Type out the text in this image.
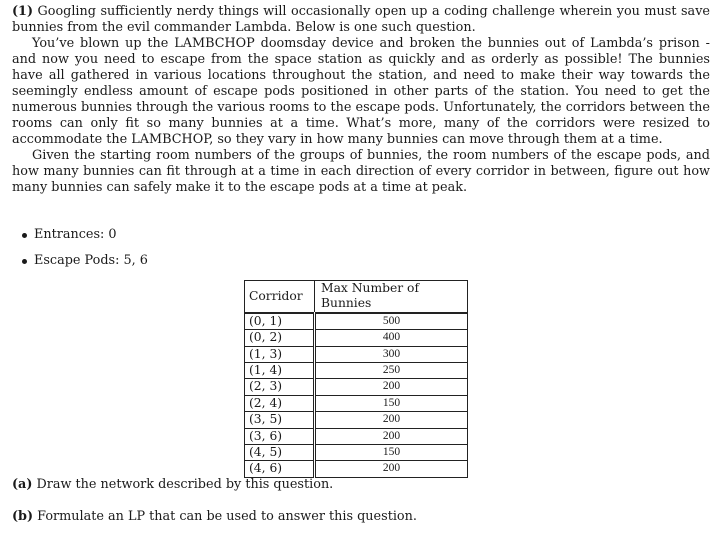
(1) Googling sufficiently nerdy things will occasionally open up a coding challenge wherein you must save bunnies from the evil commander Lambda. Below is one such question.

You’ve blown up the LAMBCHOP doomsday device and broken the bunnies out of Lambda’s prison - and now you need to escape from the space station as quickly and as orderly as possible! The bunnies have all gathered in various locations throughout the station, and need to make their way towards the seemingly endless amount of escape pods positioned in other parts of the station. You need to get the numerous bunnies through the various rooms to the escape pods. Unfortunately, the corridors between the rooms can only fit so many bunnies at a time. What’s more, many of the corridors were resized to accommodate the LAMBCHOP, so they vary in how many bunnies can move through them at a time.

Given the starting room numbers of the groups of bunnies, the room numbers of the escape pods, and how many bunnies can fit through at a time in each direction of every corridor in between, figure out how many bunnies can safely make it to the escape pods at a time at peak.

Entrances: 0
Escape Pods: 5, 6
Corridor	Max Number of Bunnies
(0, 1)	500
(0, 2)	400
(1, 3)	300
(1, 4)	250
(2, 3)	200
(2, 4)	150
(3, 5)	200
(3, 6)	200
(4, 5)	150
(4, 6)	200
(a) Draw the network described by this question.
(b) Formulate an LP that can be used to answer this question.
